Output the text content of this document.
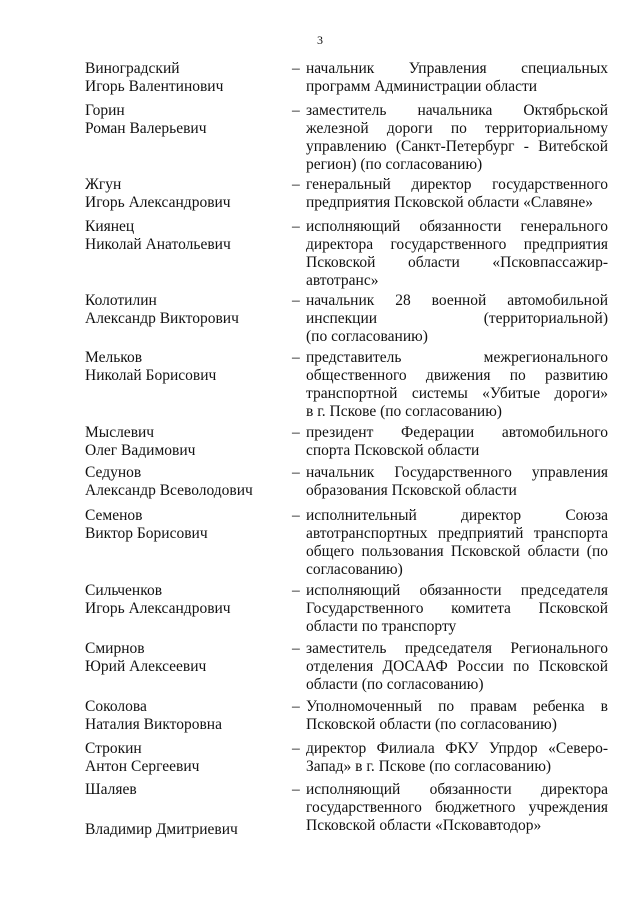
3
Виноградский
Игорь Валентинович
– начальник Управления специальных
программ Администрации области
Горин
Роман Валерьевич
– заместитель начальника Октябрьской
железной дороги по территориальному
управлению (Санкт-Петербург - Витебской
регион) (по согласованию)
Жгун
Игорь Александрович
– генеральный директор государственного
предприятия Псковской области «Славяне»
Киянец
Николай Анатольевич
– исполняющий обязанности генерального
директора государственного предприятия
Псковской области «Псковпассажир-
автотранс»
Колотилин
Александр Викторович
– начальник 28 военной автомобильной
инспекции (территориальной)
(по согласованию)
Мельков
Николай Борисович
– представитель межрегионального
общественного движения по развитию
транспортной системы «Убитые дороги»
в г. Пскове (по согласованию)
Мыслевич
Олег Вадимович
– президент Федерации автомобильного
спорта Псковской области
Седунов
Александр Всеволодович
– начальник Государственного управления
образования Псковской области
Семенов
Виктор Борисович
– исполнительный директор Союза
автотранспортных предприятий транспорта
общего пользования Псковской области (по
согласованию)
Сильченков
Игорь Александрович
– исполняющий обязанности председателя
Государственного комитета Псковской
области по транспорту
Смирнов
Юрий Алексеевич
– заместитель председателя Регионального
отделения ДОСААФ России по Псковской
области (по согласованию)
Соколова
Наталия Викторовна
– Уполномоченный по правам ребенка в
Псковской области (по согласованию)
Строкин
Антон Сергеевич
– директор Филиала ФКУ Упрдор «Северо-
Запад» в г. Пскове (по согласованию)
Шаляев
Владимир Дмитриевич
– исполняющий обязанности директора
государственного бюджетного учреждения
Псковской области «Псковавтодор»
